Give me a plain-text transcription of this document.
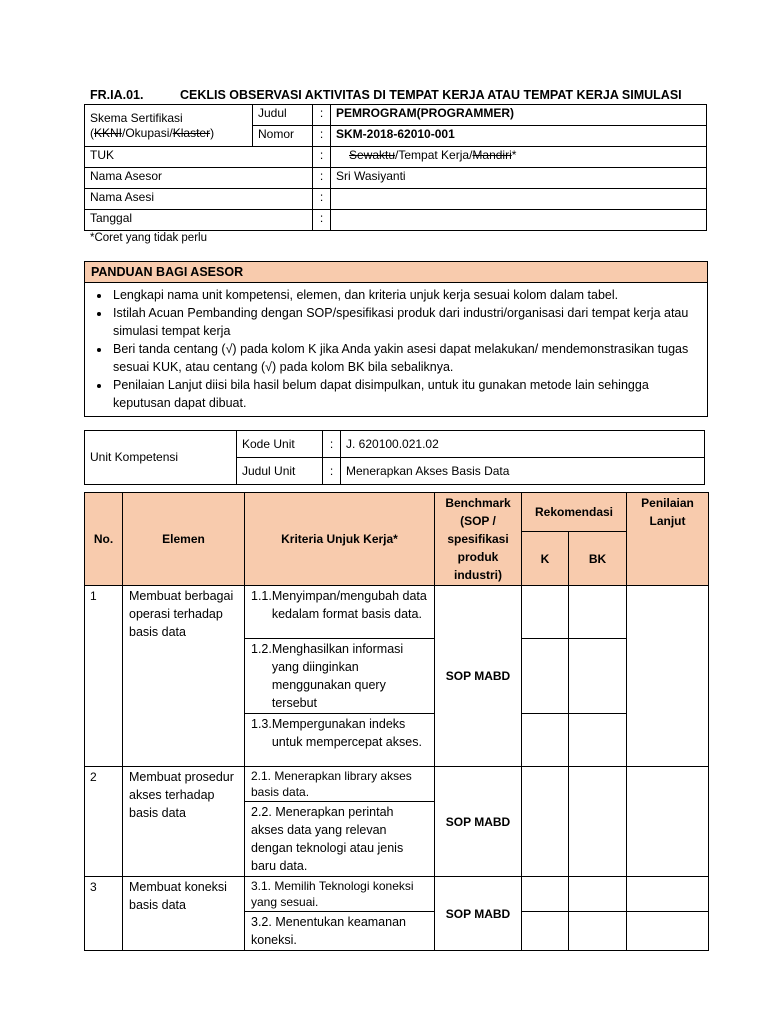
FR.IA.01.	CEKLIS OBSERVASI AKTIVITAS DI TEMPAT KERJA ATAU TEMPAT KERJA SIMULASI
Skema Sertifikasi
(KKNI/Okupasi/Klaster)	Judul	:	PEMROGRAM(PROGRAMMER)
	Nomor	:	SKM-2018-62010-001
TUK		:	Sewaktu/Tempat Kerja/Mandiri*
Nama Asesor		:	Sri Wasiyanti
Nama Asesi		:	
Tanggal		:	
*Coret yang tidak perlu
PANDUAN BAGI ASESOR
• Lengkapi nama unit kompetensi, elemen, dan kriteria unjuk kerja sesuai kolom dalam tabel.
• Istilah Acuan Pembanding dengan SOP/spesifikasi produk dari industri/organisasi dari tempat kerja atau simulasi tempat kerja
• Beri tanda centang (√) pada kolom K jika Anda yakin asesi dapat melakukan/ mendemonstrasikan tugas sesuai KUK, atau centang (√) pada kolom BK bila sebaliknya.
• Penilaian Lanjut diisi bila hasil belum dapat disimpulkan, untuk itu gunakan metode lain sehingga keputusan dapat dibuat.
Unit Kompetensi	Kode Unit	:	J. 620100.021.02
	Judul Unit	:	Menerapkan Akses Basis Data
No.	Elemen	Kriteria Unjuk Kerja*	Benchmark (SOP / spesifikasi produk industri)	Rekomendasi		Penilaian Lanjut
				K	BK	
1	Membuat berbagai operasi terhadap basis data	1.1. Menyimpan/mengubah data kedalam format basis data.	SOP MABD			

		1.2. Menghasilkan informasi yang diinginkan menggunakan query tersebut				

		1.3. Mempergunakan indeks untuk mempercepat akses.				

2	Membuat prosedur akses terhadap basis data	2.1. Menerapkan library akses basis data.	SOP MABD			
		2.2. Menerapkan perintah akses data yang relevan dengan teknologi atau jenis baru data.				
3	Membuat koneksi basis data	3.1. Memilih Teknologi koneksi yang sesuai.	SOP MABD			
		3.2. Menentukan keamanan koneksi.				
